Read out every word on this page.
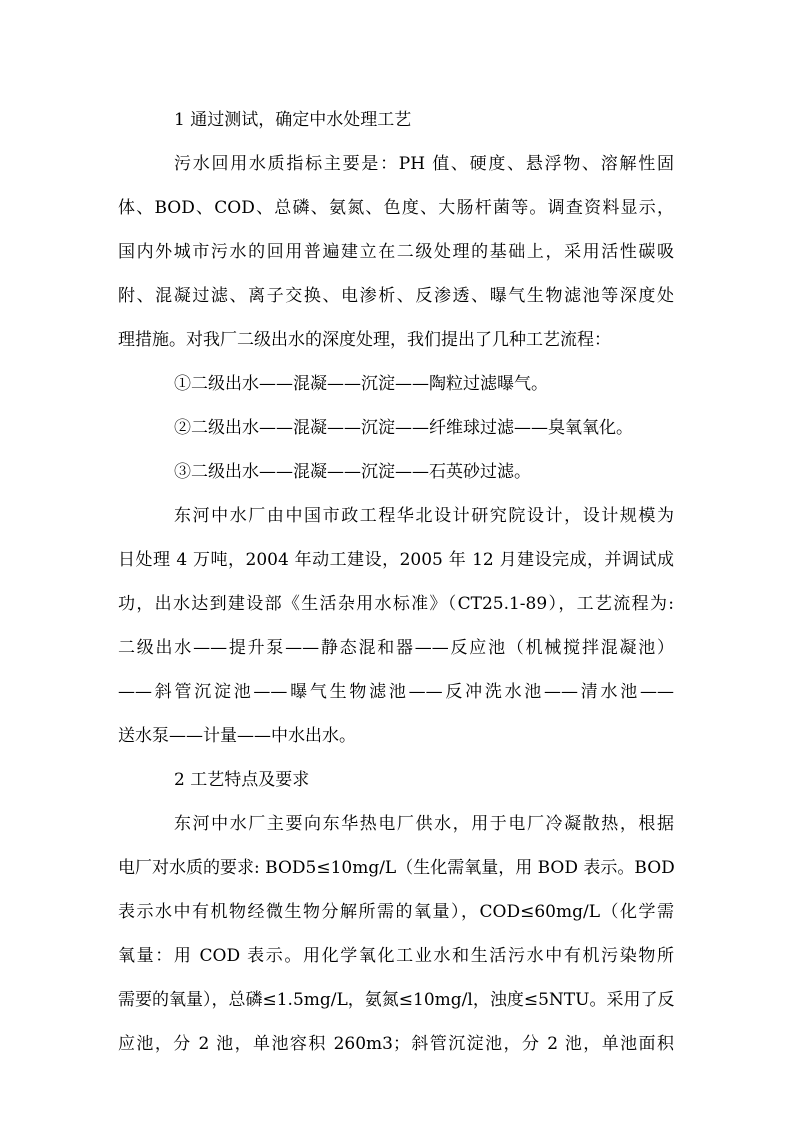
1 通过测试，确定中水处理工艺

污水回用水质指标主要是：PH 值、硬度、悬浮物、溶解性固

体、BOD、COD、总磷、氨氮、色度、大肠杆菌等。调查资料显示，

国内外城市污水的回用普遍建立在二级处理的基础上，采用活性碳吸

附、混凝过滤、离子交换、电渗析、反渗透、曝气生物滤池等深度处

理措施。对我厂二级出水的深度处理，我们提出了几种工艺流程：

①二级出水——混凝——沉淀——陶粒过滤曝气。

②二级出水——混凝——沉淀——纤维球过滤——臭氧氧化。

③二级出水——混凝——沉淀——石英砂过滤。

东河中水厂由中国市政工程华北设计研究院设计，设计规模为

日处理 4 万吨，2004 年动工建设，2005 年 12 月建设完成，并调试成

功，出水达到建设部《生活杂用水标准》（CT25.1-89），工艺流程为:

二级出水——提升泵——静态混和器——反应池（机械搅拌混凝池）

——斜管沉淀池——曝气生物滤池——反冲洗水池——清水池——

送水泵——计量——中水出水。

2 工艺特点及要求

东河中水厂主要向东华热电厂供水，用于电厂冷凝散热，根据

电厂对水质的要求: BOD5≤10mg/L（生化需氧量，用 BOD 表示。BOD

表示水中有机物经微生物分解所需的氧量），COD≤60mg/L（化学需

氧量：用 COD 表示。用化学氧化工业水和生活污水中有机污染物所

需要的氧量），总磷≤1.5mg/L，氨氮≤10mg/l，浊度≤5NTU。采用了反

应池，分 2 池，单池容积 260m3；斜管沉淀池，分 2 池，单池面积
